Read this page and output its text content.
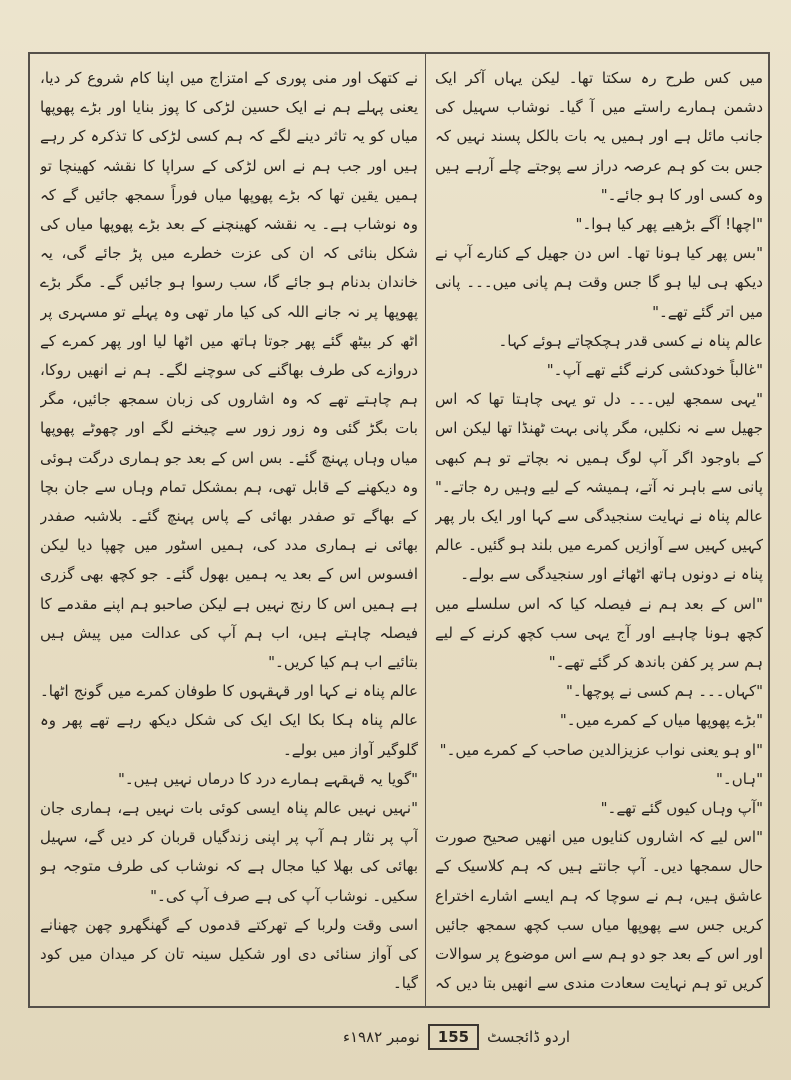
میں کس طرح رہ سکتا تھا۔ لیکن یہاں آکر ایک دشمن ہمارے راستے میں آ گیا۔ نوشاب سہیل کی جانب مائل ہے اور ہمیں یہ بات بالکل پسند نہیں کہ جس بت کو ہم عرصہ دراز سے پوجتے چلے آرہے ہیں وہ کسی اور کا ہو جائے۔"

"اچھا! آگے بڑھیے پھر کیا ہوا۔"

"بس پھر کیا ہونا تھا۔ اس دن جھیل کے کنارے آپ نے دیکھ ہی لیا ہو گا جس وقت ہم پانی میں۔۔۔ پانی میں اتر گئے تھے۔"

عالم پناہ نے کسی قدر ہچکچاتے ہوئے کہا۔

"غالباً خودکشی کرنے گئے تھے آپ۔"

"یہی سمجھ لیں۔۔۔ دل تو یہی چاہتا تھا کہ اس جھیل سے نہ نکلیں، مگر پانی بہت ٹھنڈا تھا لیکن اس کے باوجود اگر آپ لوگ ہمیں نہ بچاتے تو ہم کبھی پانی سے باہر نہ آتے، ہمیشہ کے لیے وہیں رہ جاتے۔" عالم پناہ نے نہایت سنجیدگی سے کہا اور ایک بار پھر کہیں کہیں سے آوازیں کمرے میں بلند ہو گئیں۔ عالم پناہ نے دونوں ہاتھ اٹھائے اور سنجیدگی سے بولے۔

"اس کے بعد ہم نے فیصلہ کیا کہ اس سلسلے میں کچھ ہونا چاہیے اور آج یہی سب کچھ کرنے کے لیے ہم سر پر کفن باندھ کر گئے تھے۔"

"کہاں۔۔۔ ہم کسی نے پوچھا۔"

"بڑے پھوپھا میاں کے کمرے میں۔"

"او ہو یعنی نواب عزیزالدین صاحب کے کمرے میں۔"

"ہاں۔"

"آپ وہاں کیوں گئے تھے۔"

"اس لیے کہ اشاروں کنایوں میں انھیں صحیح صورت حال سمجھا دیں۔ آپ جانتے ہیں کہ ہم کلاسیک کے عاشق ہیں، ہم نے سوچا کہ ہم ایسے اشارے اختراع کریں جس سے پھوپھا میاں سب کچھ سمجھ جائیں اور اس کے بعد جو دو ہم سے اس موضوع پر سوالات کریں تو ہم نہایت سعادت مندی سے انھیں بتا دیں کہ

نے کتھک اور منی پوری کے امتزاج میں اپنا کام شروع کر دیا، یعنی پہلے ہم نے ایک حسین لڑکی کا پوز بنایا اور بڑے پھوپھا میاں کو یہ تاثر دینے لگے کہ ہم کسی لڑکی کا تذکرہ کر رہے ہیں اور جب ہم نے اس لڑکی کے سراپا کا نقشہ کھینچا تو ہمیں یقین تھا کہ بڑے پھوپھا میاں فوراً سمجھ جائیں گے کہ وہ نوشاب ہے۔ یہ نقشہ کھینچنے کے بعد بڑے پھوپھا میاں کی شکل بنائی کہ ان کی عزت خطرے میں پڑ جائے گی، یہ خاندان بدنام ہو جائے گا، سب رسوا ہو جائیں گے۔ مگر بڑے پھوپھا پر نہ جانے اللہ کی کیا مار تھی وہ پہلے تو مسہری پر اٹھ کر بیٹھ گئے پھر جوتا ہاتھ میں اٹھا لیا اور پھر کمرے کے دروازے کی طرف بھاگنے کی سوچنے لگے۔ ہم نے انھیں روکا، ہم چاہتے تھے کہ وہ اشاروں کی زبان سمجھ جائیں، مگر بات بگڑ گئی وہ زور زور سے چیخنے لگے اور چھوٹے پھوپھا میاں وہاں پہنچ گئے۔ بس اس کے بعد جو ہماری درگت ہوئی وہ دیکھنے کے قابل تھی، ہم بمشکل تمام وہاں سے جان بچا کے بھاگے تو صفدر بھائی کے پاس پہنچ گئے۔ بلاشبہ صفدر بھائی نے ہماری مدد کی، ہمیں اسٹور میں چھپا دیا لیکن افسوس اس کے بعد یہ ہمیں بھول گئے۔ جو کچھ بھی گزری ہے ہمیں اس کا رنج نہیں ہے لیکن صاحبو ہم اپنے مقدمے کا فیصلہ چاہتے ہیں، اب ہم آپ کی عدالت میں پیش ہیں بتائیے اب ہم کیا کریں۔"

عالم پناہ نے کہا اور قہقہوں کا طوفان کمرے میں گونج اٹھا۔ عالم پناہ ہکا بکا ایک ایک کی شکل دیکھ رہے تھے پھر وہ گلوگیر آواز میں بولے۔

"گویا یہ قہقہے ہمارے درد کا درماں نہیں ہیں۔"

"نہیں نہیں عالم پناہ ایسی کوئی بات نہیں ہے، ہماری جان آپ پر نثار ہم آپ پر اپنی زندگیاں قربان کر دیں گے، سہیل بھائی کی بھلا کیا مجال ہے کہ نوشاب کی طرف متوجہ ہو سکیں۔ نوشاب آپ کی ہے صرف آپ کی۔"

اسی وقت ولربا کے تھرکتے قدموں کے گھنگھرو چھن چھنانے کی آواز سنائی دی اور شکیل سینہ تان کر میدان میں کود گیا۔

اردو ڈائجسٹ
155
نومبر ۱۹۸۲ء
